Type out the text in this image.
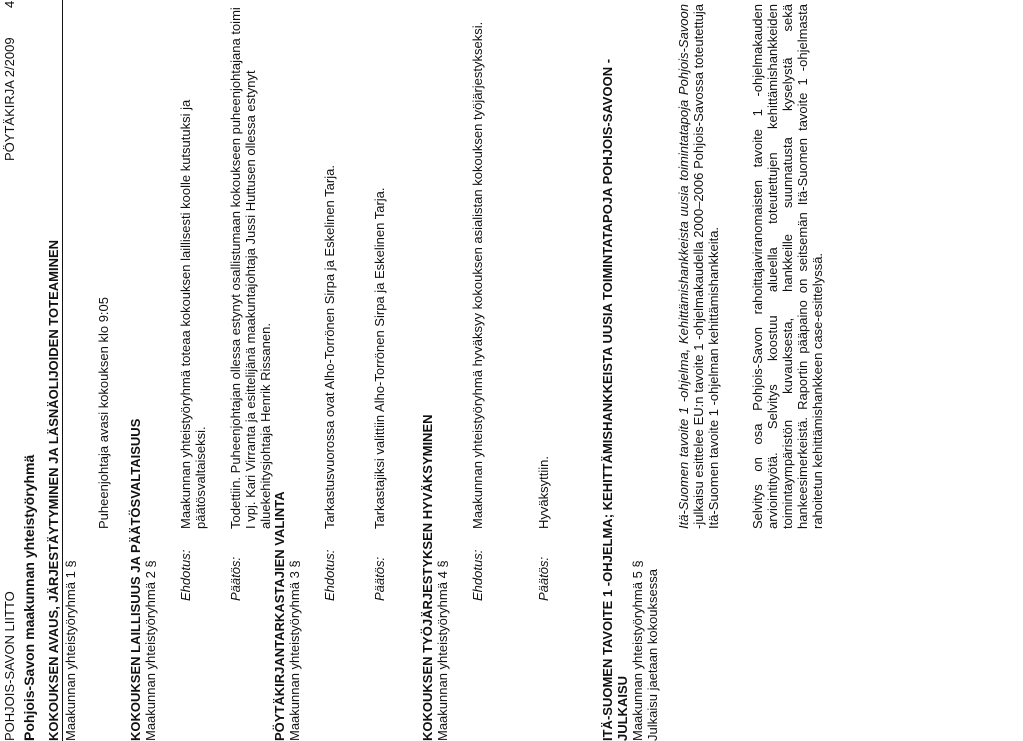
POHJOIS-SAVON LIITTO
PÖYTÄKIRJA 2/2009
4
Pohjois-Savon maakunnan yhteistyöryhmä KOKOUKSEN AVAUS, JÄRJESTÄYTYMINEN JA LÄSNÄOLIJOIDEN TOTEAMINEN Maakunnan yhteistyöryhmä 1 §
Puheenjohtaja avasi kokouksen klo 9:05
KOKOUKSEN LAILLISUUS JA PÄÄTÖSVALTAISUUS Maakunnan yhteistyöryhmä 2 § Ehdotus:
Maakunnan yhteistyöryhmä toteaa kokouksen laillisesti koolle kutsutuksi ja päätösvaltaiseksi.
Päätös:
Todettiin. Puheenjohtajan ollessa estynyt osallistumaan kokoukseen puheenjohtajana toimi I vpj. Kari Virranta ja esittelijänä maakuntajohtaja Jussi Huttusen ollessa estynyt aluekehitysjohtaja Henrik Rissanen.
PÖYTÄKIRJANTARKASTAJIEN VALINTA Maakunnan yhteistyöryhmä 3 § Ehdotus:
Tarkastusvuorossa ovat Alho-Torrönen Sirpa ja Eskelinen Tarja.
Päätös:
Tarkastajiksi valittiin Alho-Torrönen Sirpa ja Eskelinen Tarja.
KOKOUKSEN TYÖJÄRJESTYKSEN HYVÄKSYMINEN Maakunnan yhteistyöryhmä 4 § Ehdotus:
Maakunnan yhteistyöryhmä hyväksyy kokouksen asialistan kokouksen työjärjestykseksi.
Päätös:
Hyväksyttiin.	ITÄ-SUOMEN TAVOITE 1 -OHJELMA; KEHITTÄMISHANKKEISTA UUSIA TOIMINTATAPOJA POHJOIS-SAVOON -JULKAISU Maakunnan yhteistyöryhmä 5 § Julkaisu jaetaan kokouksessa
Itä-Suomen tavoite 1 -ohjelma, Kehittämishankkeista uusia toimintatapoja Pohjois-Savoon -julkaisu esittelee EU:n tavoite 1 -ohjelmakaudella 2000–2006 Pohjois-Savossa toteutettuja Itä-Suomen tavoite 1 -ohjelman kehittämishankkeita. Selvitys on osa Pohjois-Savon rahoittajaviranomaisten tavoite 1 -ohjelmakauden arviointityötä. Selvitys koostuu alueella toteutettujen kehittämishankkeiden toimintaympäristön kuvauksesta, hankkeille suunnatusta kyselystä sekä hankeesimerkeistä. Raportin pääpaino on seitsemän Itä-Suomen tavoite 1 -ohjelmasta rahoitetun kehittämishankkeen case-esittelyssä.
